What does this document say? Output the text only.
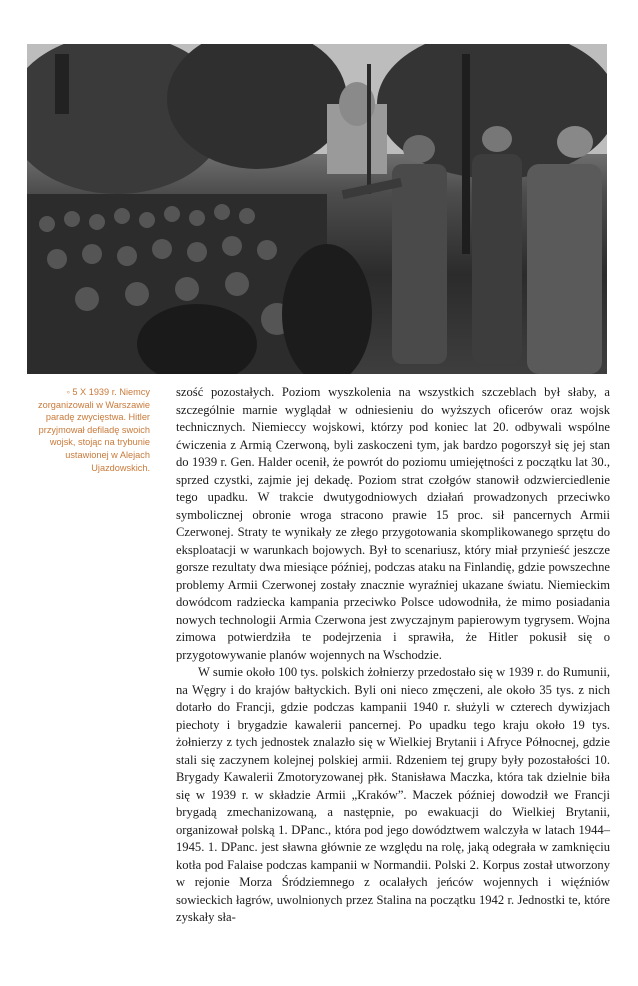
◦ 5 X 1939 r. Niemcy zorganizowali w Warszawie paradę zwycięstwa. Hitler przyjmował defiladę swoich wojsk, stojąc na trybunie ustawionej w Alejach Ujazdowskich.

szość pozostałych. Poziom wyszkolenia na wszystkich szczeblach był słaby, a szczególnie marnie wyglądał w odniesieniu do wyższych oficerów oraz wojsk technicznych. Niemieccy wojskowi, którzy pod koniec lat 20. odbywali wspólne ćwiczenia z Armią Czerwoną, byli zaskoczeni tym, jak bardzo pogorszył się jej stan do 1939 r. Gen. Halder ocenił, że powrót do poziomu umiejętności z początku lat 30., sprzed czystki, zajmie jej dekadę. Poziom strat czołgów stanowił odzwierciedlenie tego upadku. W trakcie dwutygodniowych działań prowadzonych przeciwko symbolicznej obronie wroga stracono prawie 15 proc. sił pancernych Armii Czerwonej. Straty te wynikały ze złego przygotowania skomplikowanego sprzętu do eksploatacji w warunkach bojowych. Był to scenariusz, który miał przynieść jeszcze gorsze rezultaty dwa miesiące później, podczas ataku na Finlandię, gdzie powszechne problemy Armii Czerwonej zostały znacznie wyraźniej ukazane światu. Niemieckim dowódcom radziecka kampania przeciwko Polsce udowodniła, że mimo posiadania nowych technologii Armia Czerwona jest zwyczajnym papierowym tygrysem. Wojna zimowa potwierdziła te podejrzenia i sprawiła, że Hitler pokusił się o przygotowywanie planów wojennych na Wschodzie.

W sumie około 100 tys. polskich żołnierzy przedostało się w 1939 r. do Rumunii, na Węgry i do krajów bałtyckich. Byli oni nieco zmęczeni, ale około 35 tys. z nich dotarło do Francji, gdzie podczas kampanii 1940 r. służyli w czterech dywizjach piechoty i brygadzie kawalerii pancernej. Po upadku tego kraju około 19 tys. żołnierzy z tych jednostek znalazło się w Wielkiej Brytanii i Afryce Północnej, gdzie stali się zaczynem kolejnej polskiej armii. Rdzeniem tej grupy były pozostałości 10. Brygady Kawalerii Zmotoryzowanej płk. Stanisława Maczka, która tak dzielnie biła się w 1939 r. w składzie Armii „Kraków”. Maczek później dowodził we Francji brygadą zmechanizowaną, a następnie, po ewakuacji do Wielkiej Brytanii, organizował polską 1. DPanc., która pod jego dowództwem walczyła w latach 1944–1945. 1. DPanc. jest sławna głównie ze względu na rolę, jaką odegrała w zamknięciu kotła pod Falaise podczas kampanii w Normandii. Polski 2. Korpus został utworzony w rejonie Morza Śródziemnego z ocalałych jeńców wojennych i więźniów sowieckich łagrów, uwolnionych przez Stalina na początku 1942 r. Jednostki te, które zyskały sła-
